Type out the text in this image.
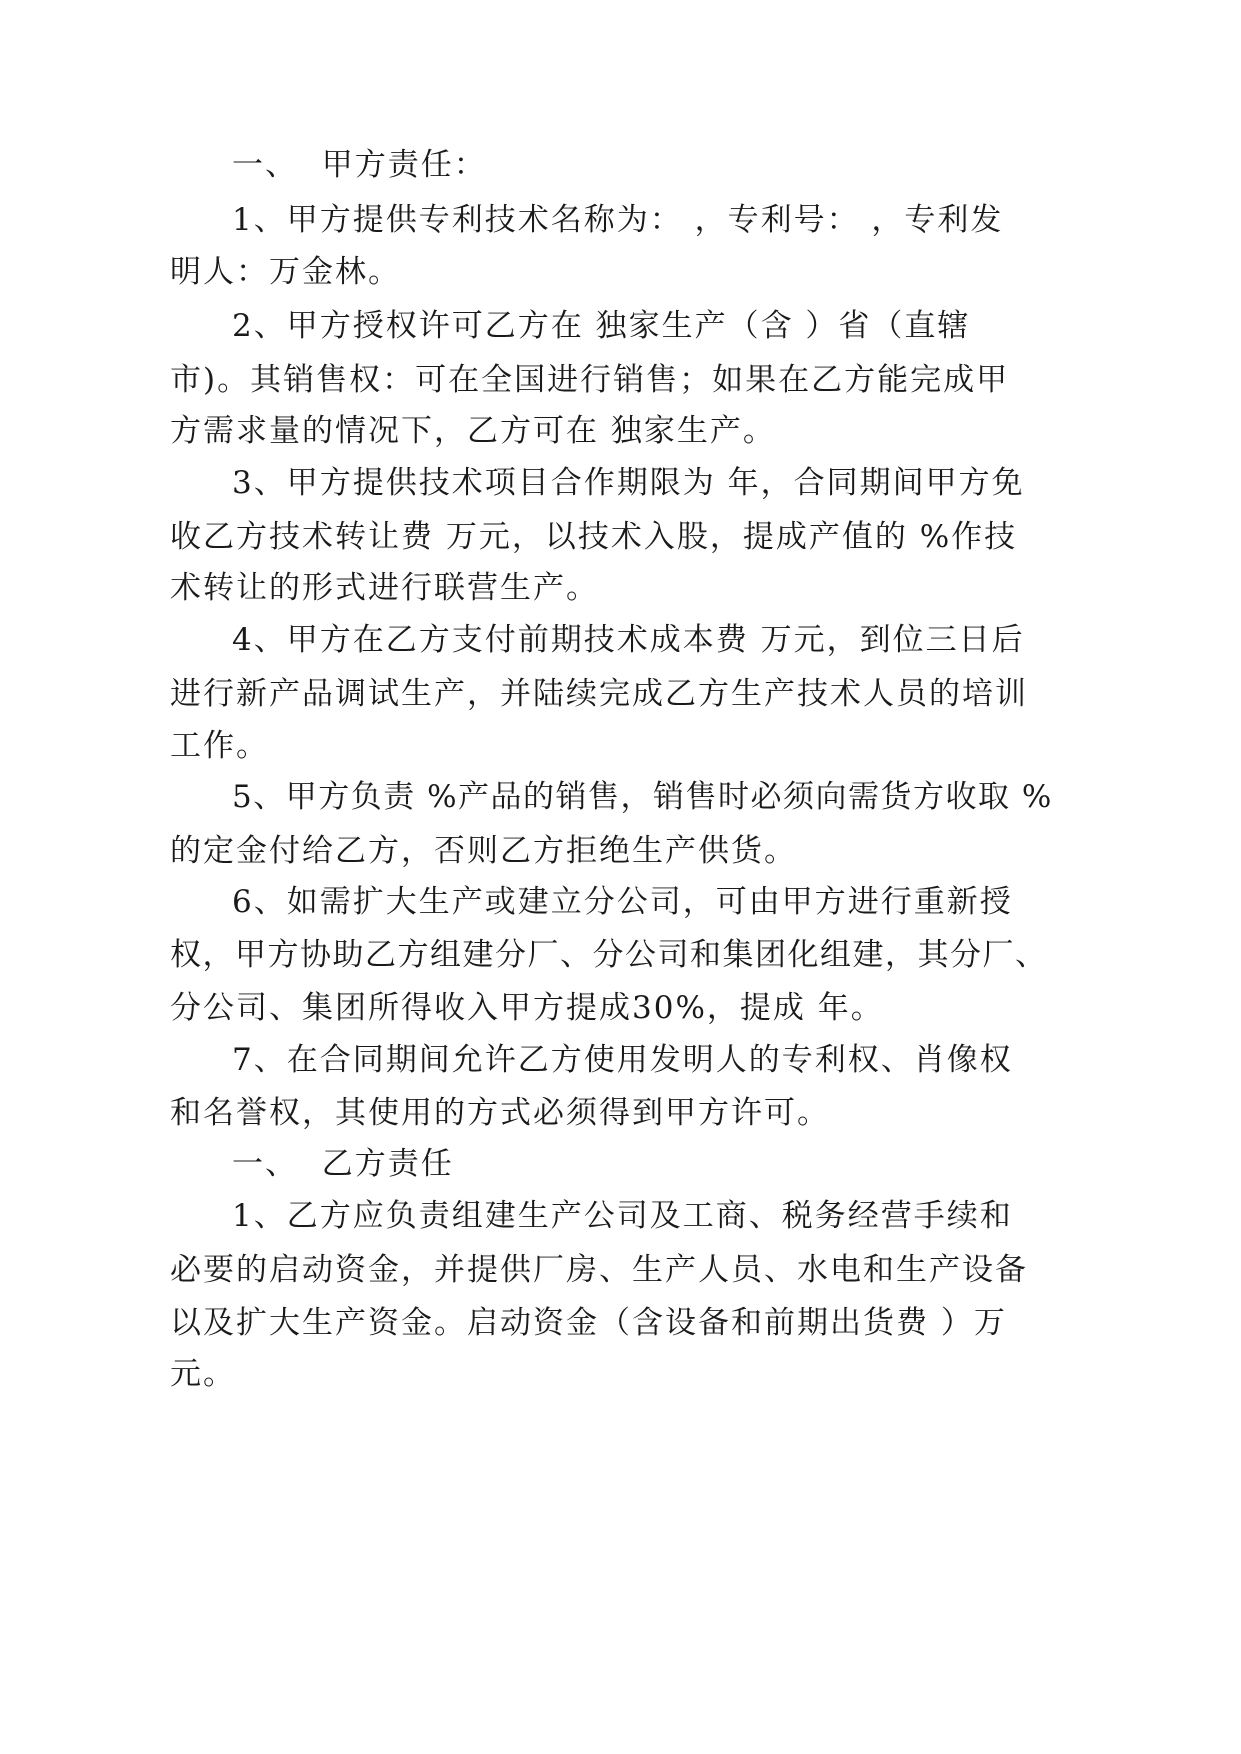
一、  甲方责任：
1、甲方提供专利技术名称为： ，专利号： ，专利发
明人：万金林。
2、甲方授权许可乙方在 独家生产（含 ）省（直辖
市)。其销售权：可在全国进行销售；如果在乙方能完成甲
方需求量的情况下，乙方可在 独家生产。
3、甲方提供技术项目合作期限为 年，合同期间甲方免
收乙方技术转让费 万元，以技术入股，提成产值的 %作技
术转让的形式进行联营生产。
4、甲方在乙方支付前期技术成本费 万元，到位三日后
进行新产品调试生产，并陆续完成乙方生产技术人员的培训
工作。
5、甲方负责 %产品的销售，销售时必须向需货方收取 %
的定金付给乙方，否则乙方拒绝生产供货。
6、如需扩大生产或建立分公司，可由甲方进行重新授
权，甲方协助乙方组建分厂、分公司和集团化组建，其分厂、
分公司、集团所得收入甲方提成30%，提成 年。
7、在合同期间允许乙方使用发明人的专利权、肖像权
和名誉权，其使用的方式必须得到甲方许可。
一、  乙方责任
1、乙方应负责组建生产公司及工商、税务经营手续和
必要的启动资金，并提供厂房、生产人员、水电和生产设备
以及扩大生产资金。启动资金（含设备和前期出货费 ）万
元。
